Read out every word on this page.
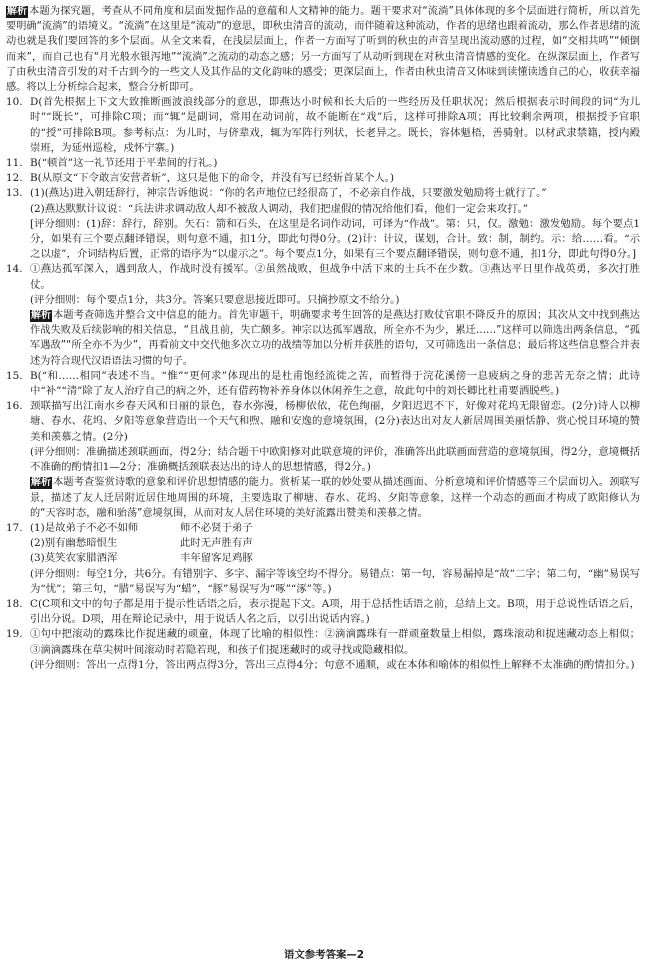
解析 本题为探究题，考查从不同角度和层面发掘作品的意蕴和人文精神的能力。题干要求对“流淌”具体体现的多个层面进行简析，所以首先要明确“流淌”的语境义。“流淌”在这里是“流动”的意思，即秋虫清音的流动，而伴随着这种流动，作者的思绪也跟着流动，那么作者思绪的流动也就是我们要回答的多个层面。从全文来看，在浅层层面上，作者一方面写了听到的秋虫的声音呈现出流动感的过程，如“交相共鸣”“倾倒而来”，而自己也有“月光般水银泻地”“流淌”之流动的动态之感；另一方面写了从动听到现在对秋虫清音情感的变化。在纵深层面上，作者写了由秋虫清音引发的对千古到今的一些文人及其作品的文化韵味的感受；更深层面上，作者由秋虫清音又体味到读懂读透自己的心，收获幸福感。将以上分析综合起来，整合分析即可。

10. D(首先根据上下文大致推断画波浪线部分的意思，即燕达小时候和长大后的一些经历及任职状况；然后根据表示时间段的词“为儿时”“既长”，可排除C项；而“辄”是副词，常用在动词前，故不能断在“戏”后，这样可排除A项；再比较剩余两项，根据授予官职的“授”可排除B项。参考标点：为儿时，与侪辈戏，辄为军阵行列状，长老异之。既长，容体魁梧，善骑射。以材武隶禁籍，授内殿崇班，为延州巡检，戍怀宁寨。)
11. B(“顿首”这一礼节还用于平辈间的行礼。)
12. B(从原文“下令敢言安营者斩”，这只是他下的命令，并没有写已经斩首某个人。)
13. (1)(燕达)进入朝廷辞行，神宗告诉他说：“你的名声地位已经很高了，不必亲自作战，只要激发勉励将士就行了。”

(2)燕达默默计议说：“兵法讲求调动敌人却不被敌人调动，我们把虚假的情况给他们看，他们一定会来攻打。”

[评分细则：(1)辞：辞行，辞别。矢石：箭和石头，在这里是名词作动词，可译为“作战”。第：只，仅。激勉：激发勉励。每个要点1分，如果有三个要点翻译错误，则句意不通，扣1分，即此句得0分。(2)计：计议，谋划，合计。致：制，制约。示：给……看。“示之以虚”，介词结构后置，正常的语序为“以虚示之”。每个要点1分，如果有三个要点翻译错误，则句意不通，扣1分，即此句得0分。]

14. ①燕达孤军深入，遇到敌人，作战时没有援军。②虽然战败，但战争中活下来的士兵不在少数。③燕达平日里作战英勇，多次打胜仗。

(评分细则：每个要点1分，共3分。答案只要意思接近即可。只摘抄原文不给分。)

解析 本题考查筛选并整合文中信息的能力。首先审题干，明确要求考生回答的是燕达打败仗官职不降反升的原因；其次从文中找到燕达作战失败及后续影响的相关信息，“且战且前，失亡颇多。神宗以达孤军遇敌，所全亦不为少，累迁……”这样可以筛选出两条信息，“孤军遇敌”“所全亦不为少”，再看前文中交代他多次立功的战绩等加以分析并获胜的语句，又可筛选出一条信息；最后将这些信息整合并表述为符合现代汉语语法习惯的句子。

15. B(“和……相同”表述不当。“惟”“更何求”体现出的是杜甫饱经流徙之苦，而暂得于浣花溪傍一息疲病之身的悲苦无奈之情；此诗中“补”“清”除了友人治疗自己的病之外，还有借药物补养身体以休闲养生之意，故此句中的刘长卿比杜甫要洒脱些。)
16. 颈联描写出江南水乡春天风和日丽的景色，春水弥漫，杨柳依依，花色绚丽，夕阳迟迟不下，好像对花坞无限留恋。(2分)诗人以柳塘、春水、花坞、夕阳等意象营造出一个天气和煦、融和安逸的意境氛围，(2分)表达出对友人新居周围美丽恬静、赏心悦目环境的赞美和羡慕之情。(2分)

(评分细则：准确描述颈联画面，得2分；结合题干中欧阳修对此联意境的评价，准确答出此联画面营造的意境氛围，得2分，意境概括不准确的酌情扣1—2分；准确概括颈联表达出的诗人的思想情感，得2分。)

解析 本题考查鉴赏诗歌的意象和评价思想情感的能力。赏析某一联的妙处要从描述画面、分析意境和评价情感等三个层面切入。颈联写景，描述了友人迁居附近居住地周围的环境，主要选取了柳塘、春水、花坞、夕阳等意象，这样一个动态的画面才构成了欧阳修认为的“天容时态，融和骀荡”意境氛围，从而对友人居住环境的美好流露出赞美和羡慕之情。

17. (1)是故弟子不必不如师	师不必贤于弟子
(2)别有幽愁暗恨生	此时无声胜有声
(3)莫笑农家腊酒浑	丰年留客足鸡豚

(评分细则：每空1分，共6分。有错别字、多字、漏字等该空均不得分。易错点：第一句，容易漏掉是“故”二字；第二句，“幽”易误写为“忧”；第三句，“腊”易误写为“蜡”，“豚”易误写为“啄”“涿”等。)

18. C(C项和文中的句子都是用于提示性话语之后，表示提起下文。A项，用于总括性话语之前，总结上文。B项，用于总说性话语之后，引出分说。D项，用在辩论记录中，用于说话人名之后，以引出说话内容。)
19. ①句中把滚动的露珠比作捉迷藏的顽童，体现了比喻的相似性：②滴滴露珠有一群顽童数量上相似，露珠滚动和捉迷藏动态上相似；③滴滴露珠在草尖树叶间滚动时若隐若现，和孩子们捉迷藏时的或寻找或隐藏相似。

(评分细则：答出一点得1分，答出两点得3分，答出三点得4分；句意不通顺，或在本体和喻体的相似性上解释不太准确的酌情扣分。)

语文参考答案—2
